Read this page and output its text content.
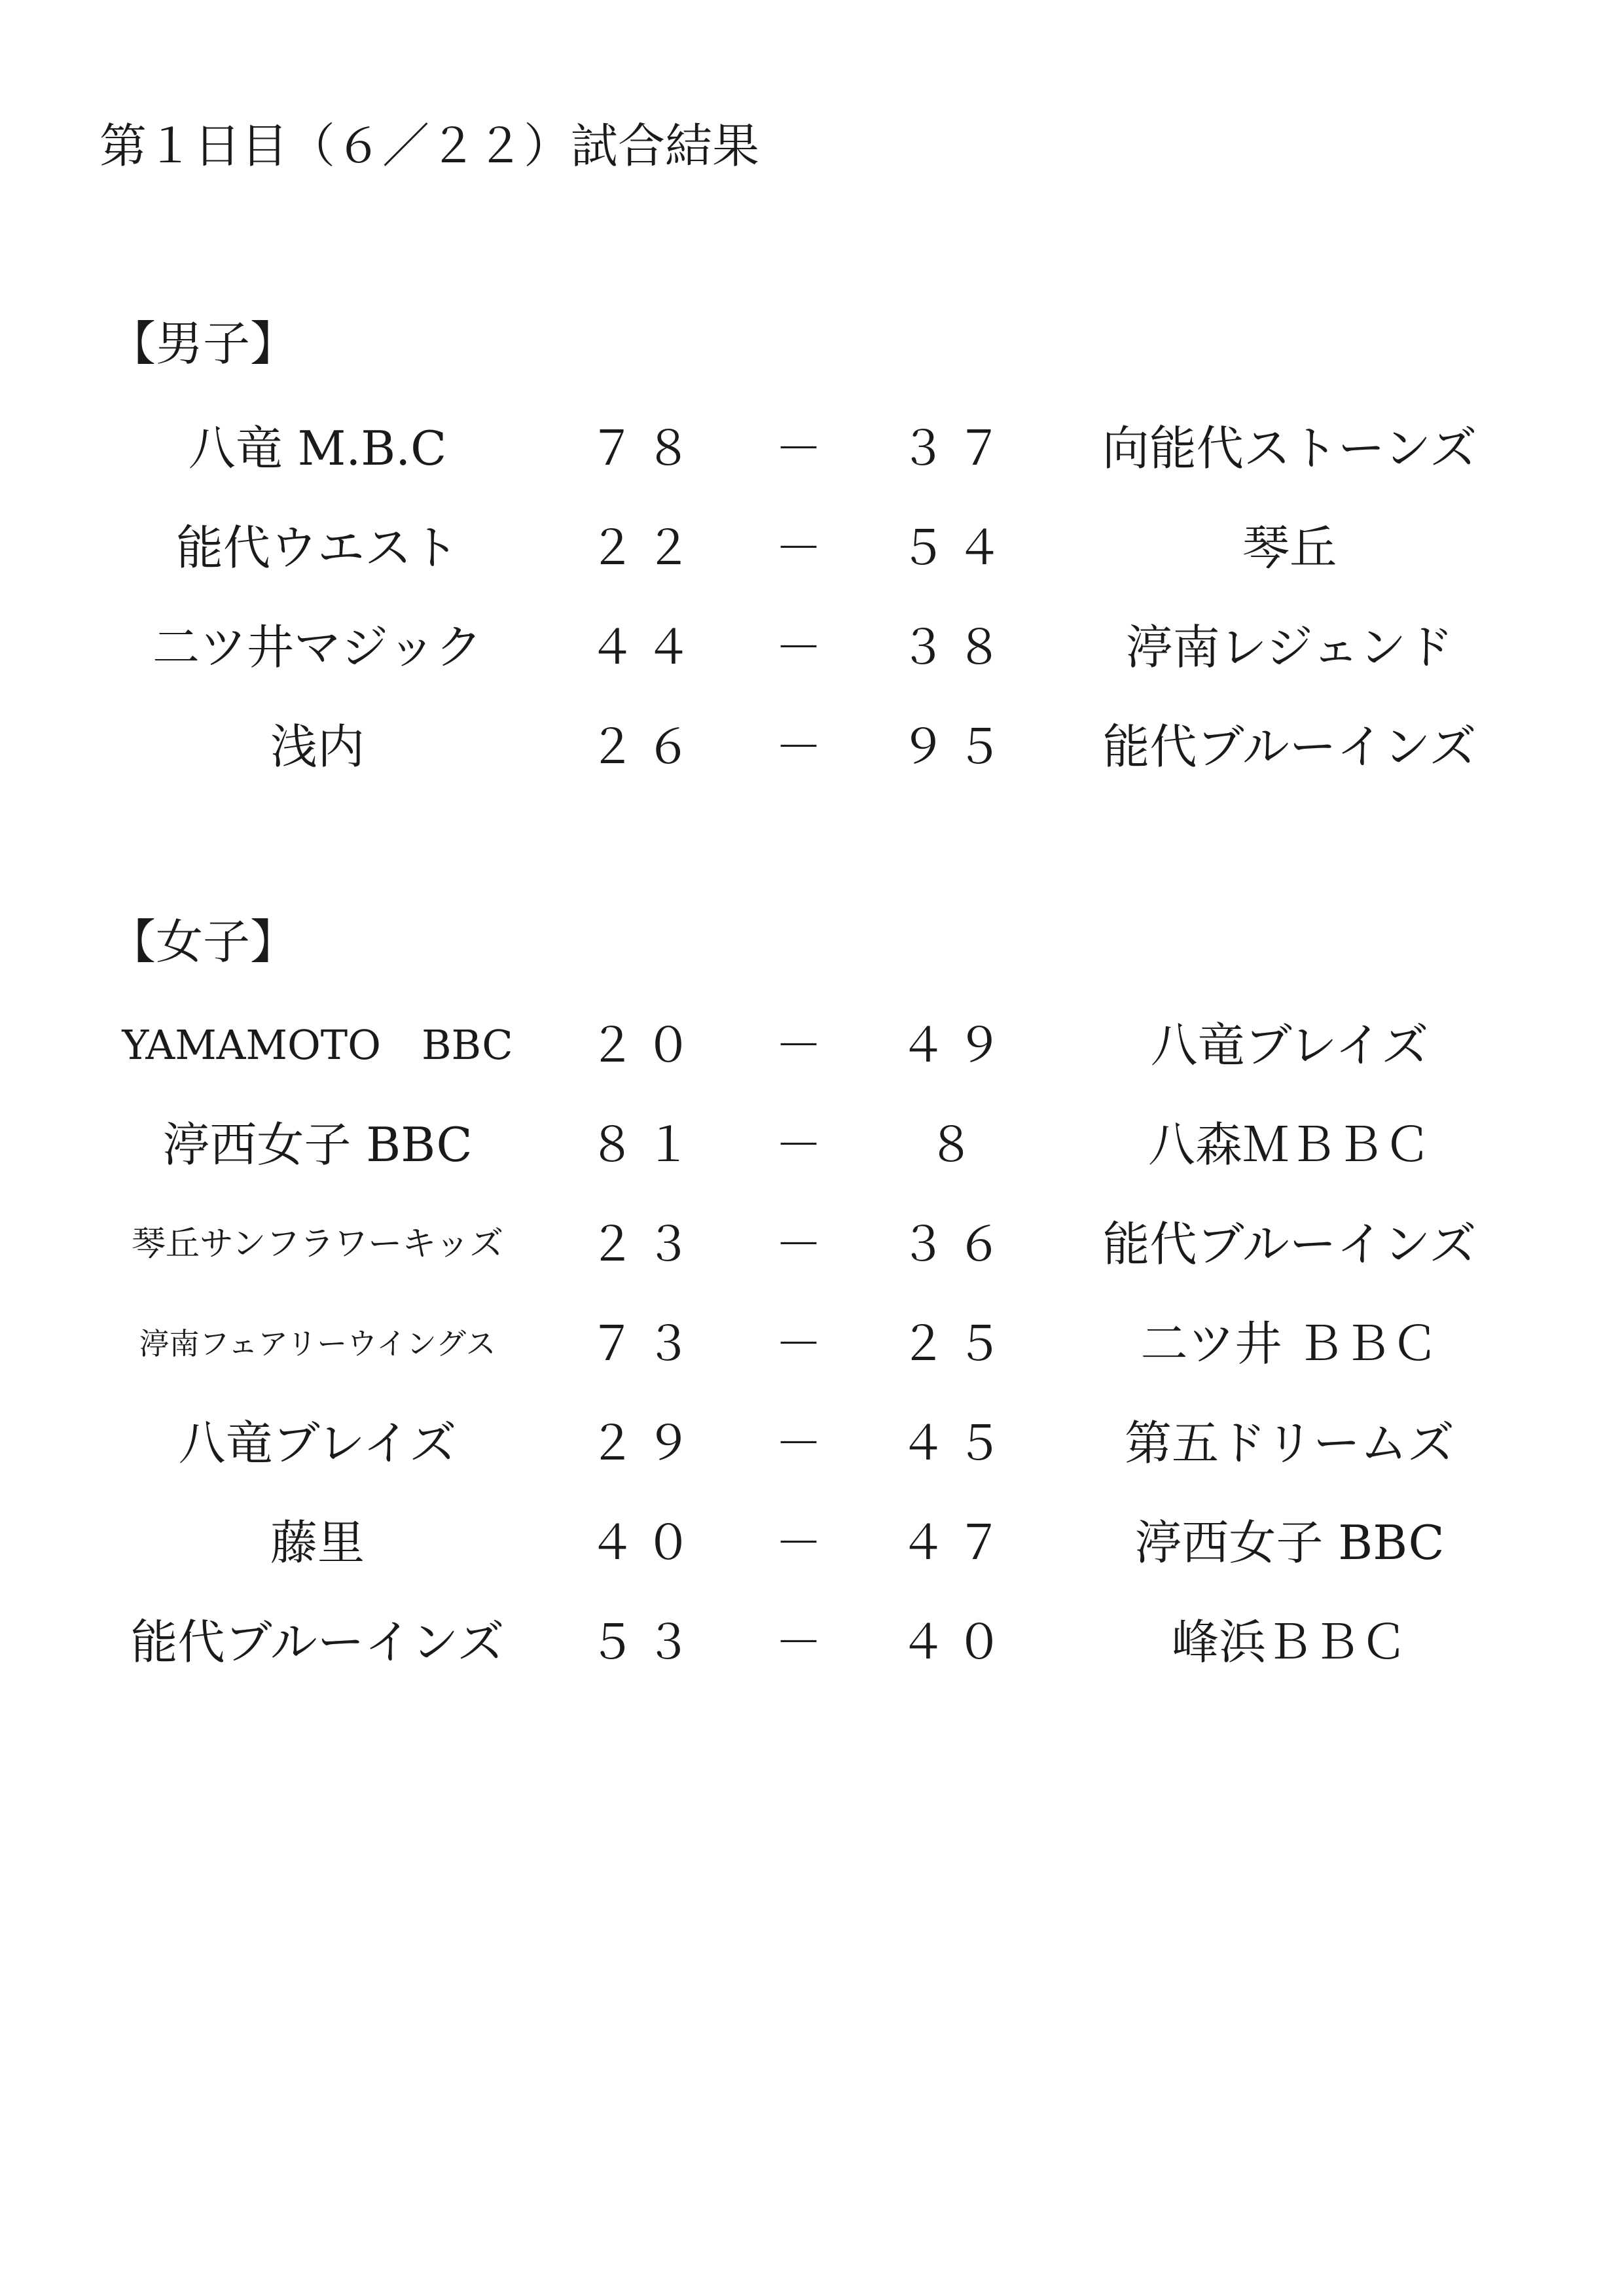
第１日目（６／２２）試合結果
【男子】
八竜 M.B.C	７８	－	３７	向能代ストーンズ
能代ウエスト	２２	－	５４	琴丘
二ツ井マジック	４４	－	３８	渟南レジェンド
浅内	２６	－	９５	能代ブルーインズ
【女子】
YAMAMOTO　BBC	２０	－	４９	八竜ブレイズ
渟西女子 BBC	８１	－	８	八森ＭＢＢＣ
琴丘サンフラワーキッズ	２３	－	３６	能代ブルーインズ
渟南フェアリーウイングス	７３	－	２５	二ツ井 ＢＢＣ
八竜ブレイズ	２９	－	４５	第五ドリームズ
藤里	４０	－	４７	渟西女子 BBC
能代ブルーインズ	５３	－	４０	峰浜ＢＢＣ
